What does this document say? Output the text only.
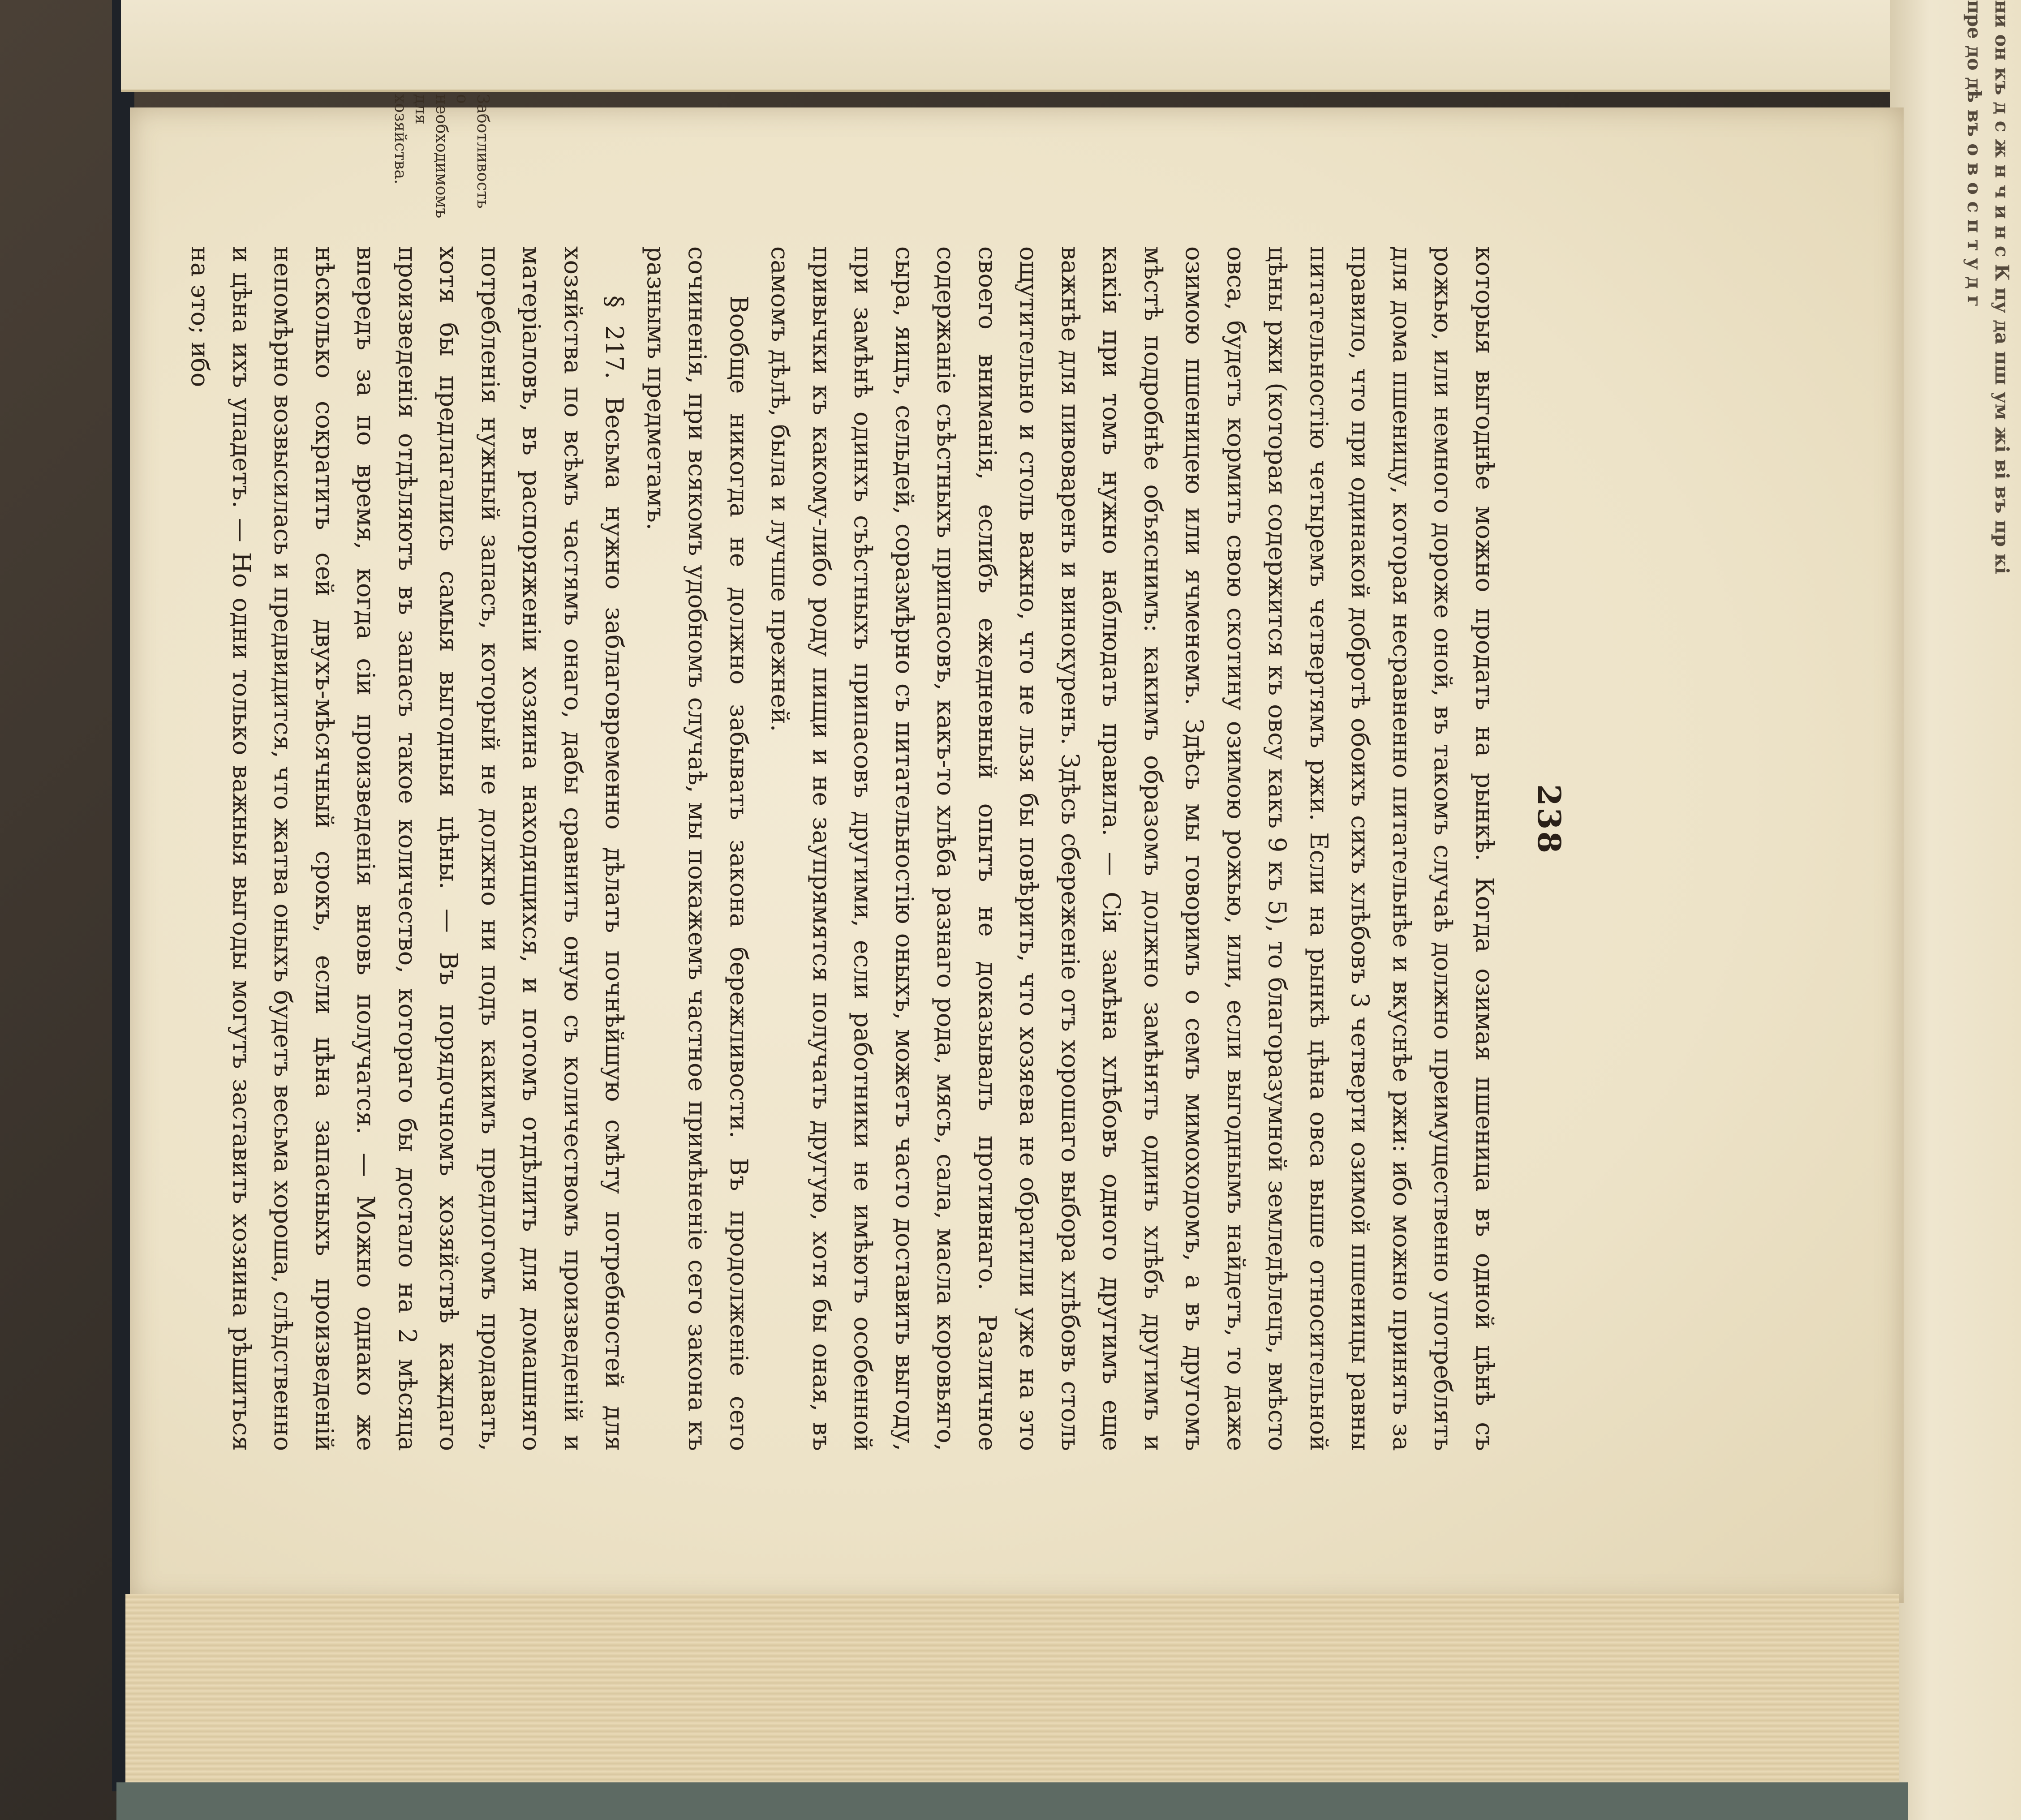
ни он къ д с ж н ч и н с К пу да пш ум жі ві въ пр кі пре до дѣ въ о в о с п т у д г
238

которыя выгоднѣе можно продать на рынкѣ. Когда озимая пшеница въ одной цѣнѣ съ рожью, или немного дороже оной, въ такомъ случаѣ должно преимущественно употреблять для дома пшеницу, которая несравненно питательнѣе и вкуснѣе ржи: ибо можно принять за правило, что при одинакой добротѣ обоихъ сихъ хлѣбовъ 3 четверти озимой пшеницы равны питательностію четыремъ четвертямъ ржи. Если на рынкѣ цѣна овса выше относительной цѣны ржи (которая содержится къ овсу какъ 9 къ 5), то благоразумной земледѣлецъ, вмѣсто овса, будетъ кормить свою скотину озимою рожью, или, если выгоднымъ найдетъ, то даже озимою пшеницею или ячменемъ. Здѣсь мы говоримъ о семъ мимоходомъ, а въ другомъ мѣстѣ подробнѣе объяснимъ: какимъ образомъ должно замѣнять одинъ хлѣбъ другимъ и какія при томъ нужно наблюдать правила. — Сія замѣна хлѣбовъ одного другимъ еще важнѣе для пивоваренъ и винокуренъ. Здѣсь сбереженіе отъ хорошаго выбора хлѣбовъ столь ощутительно и столь важно, что не льзя бы повѣрить, что хозяева не обратили уже на это своего вниманія, еслибъ ежедневный опытъ не доказывалъ противнаго. Различное содержаніе съѣстныхъ припасовъ, какъ-то хлѣба разнаго рода, мясъ, сала, масла коровьяго, сыра, яицъ, сельдей, соразмѣрно съ питательностію оныхъ, можетъ часто доставить выгоду, при замѣнѣ одинхъ съѣстныхъ припасовъ другими, если работники не имѣютъ особенной привычки къ какому-либо роду пищи и не заупрямятся получать другую, хотя бы оная, въ самомъ дѣлѣ, была и лучше прежней.

Вообще никогда не должно забывать закона бережливости. Въ продолженіе сего сочиненія, при всякомъ удобномъ случаѣ, мы покажемъ частное примѣненіе сего закона къ разнымъ предметамъ.

§ 217. Весьма нужно заблаговременно дѣлать почнѣйшую смѣту потребностей для хозяйства по всѣмъ частямъ онаго, дабы сравнить оную съ количествомъ произведеній и матеріаловъ, въ распоряженіи хозяина находящихся, и потомъ отдѣлить для домашняго потребленія нужный запасъ, который не должно ни подъ какимъ предлогомъ продавать, хотя бы предлагались самыя выгодныя цѣны. — Въ порядочномъ хозяйствѣ каждаго произведенія отдѣляютъ въ запасъ такое количество, котораго бы достало на 2 мѣсяца впередъ за по время, когда сіи произведенія вновь получатся. — Можно однако же нѣсколько сократить сей двухъ-мѣсячный срокъ, если цѣна запасныхъ произведеній непомѣрно возвысилась и предвидится, что жатва оныхъ будетъ весьма хороша, слѣдственно и цѣна ихъ упадетъ. — Но одни только важныя выгоды могутъ заставить хозяина рѣшиться на это; ибо

Заботливость о необходимомъ для хозяйства.
